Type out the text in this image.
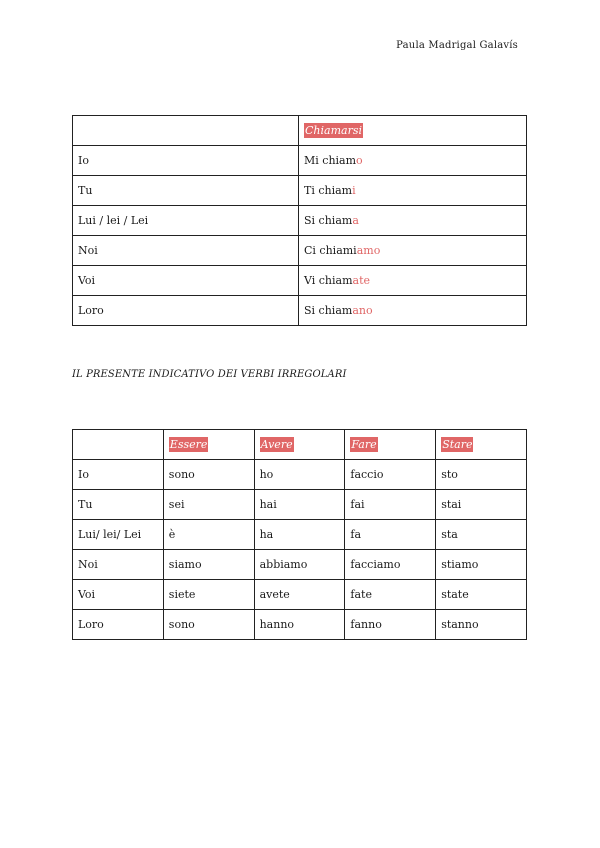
Paula Madrigal Galavís
	Chiamarsi
Io	Mi chiamo
Tu	Ti chiami
Lui / lei / Lei	Si chiama
Noi	Ci chiamiamo
Voi	Vi chiamate
Loro	Si chiamano
IL PRESENTE INDICATIVO DEI VERBI IRREGOLARI
	Essere	Avere	Fare	Stare
Io	sono	ho	faccio	sto
Tu	sei	hai	fai	stai
Lui/ lei/ Lei	è	ha	fa	sta
Noi	siamo	abbiamo	facciamo	stiamo
Voi	siete	avete	fate	state
Loro	sono	hanno	fanno	stanno
